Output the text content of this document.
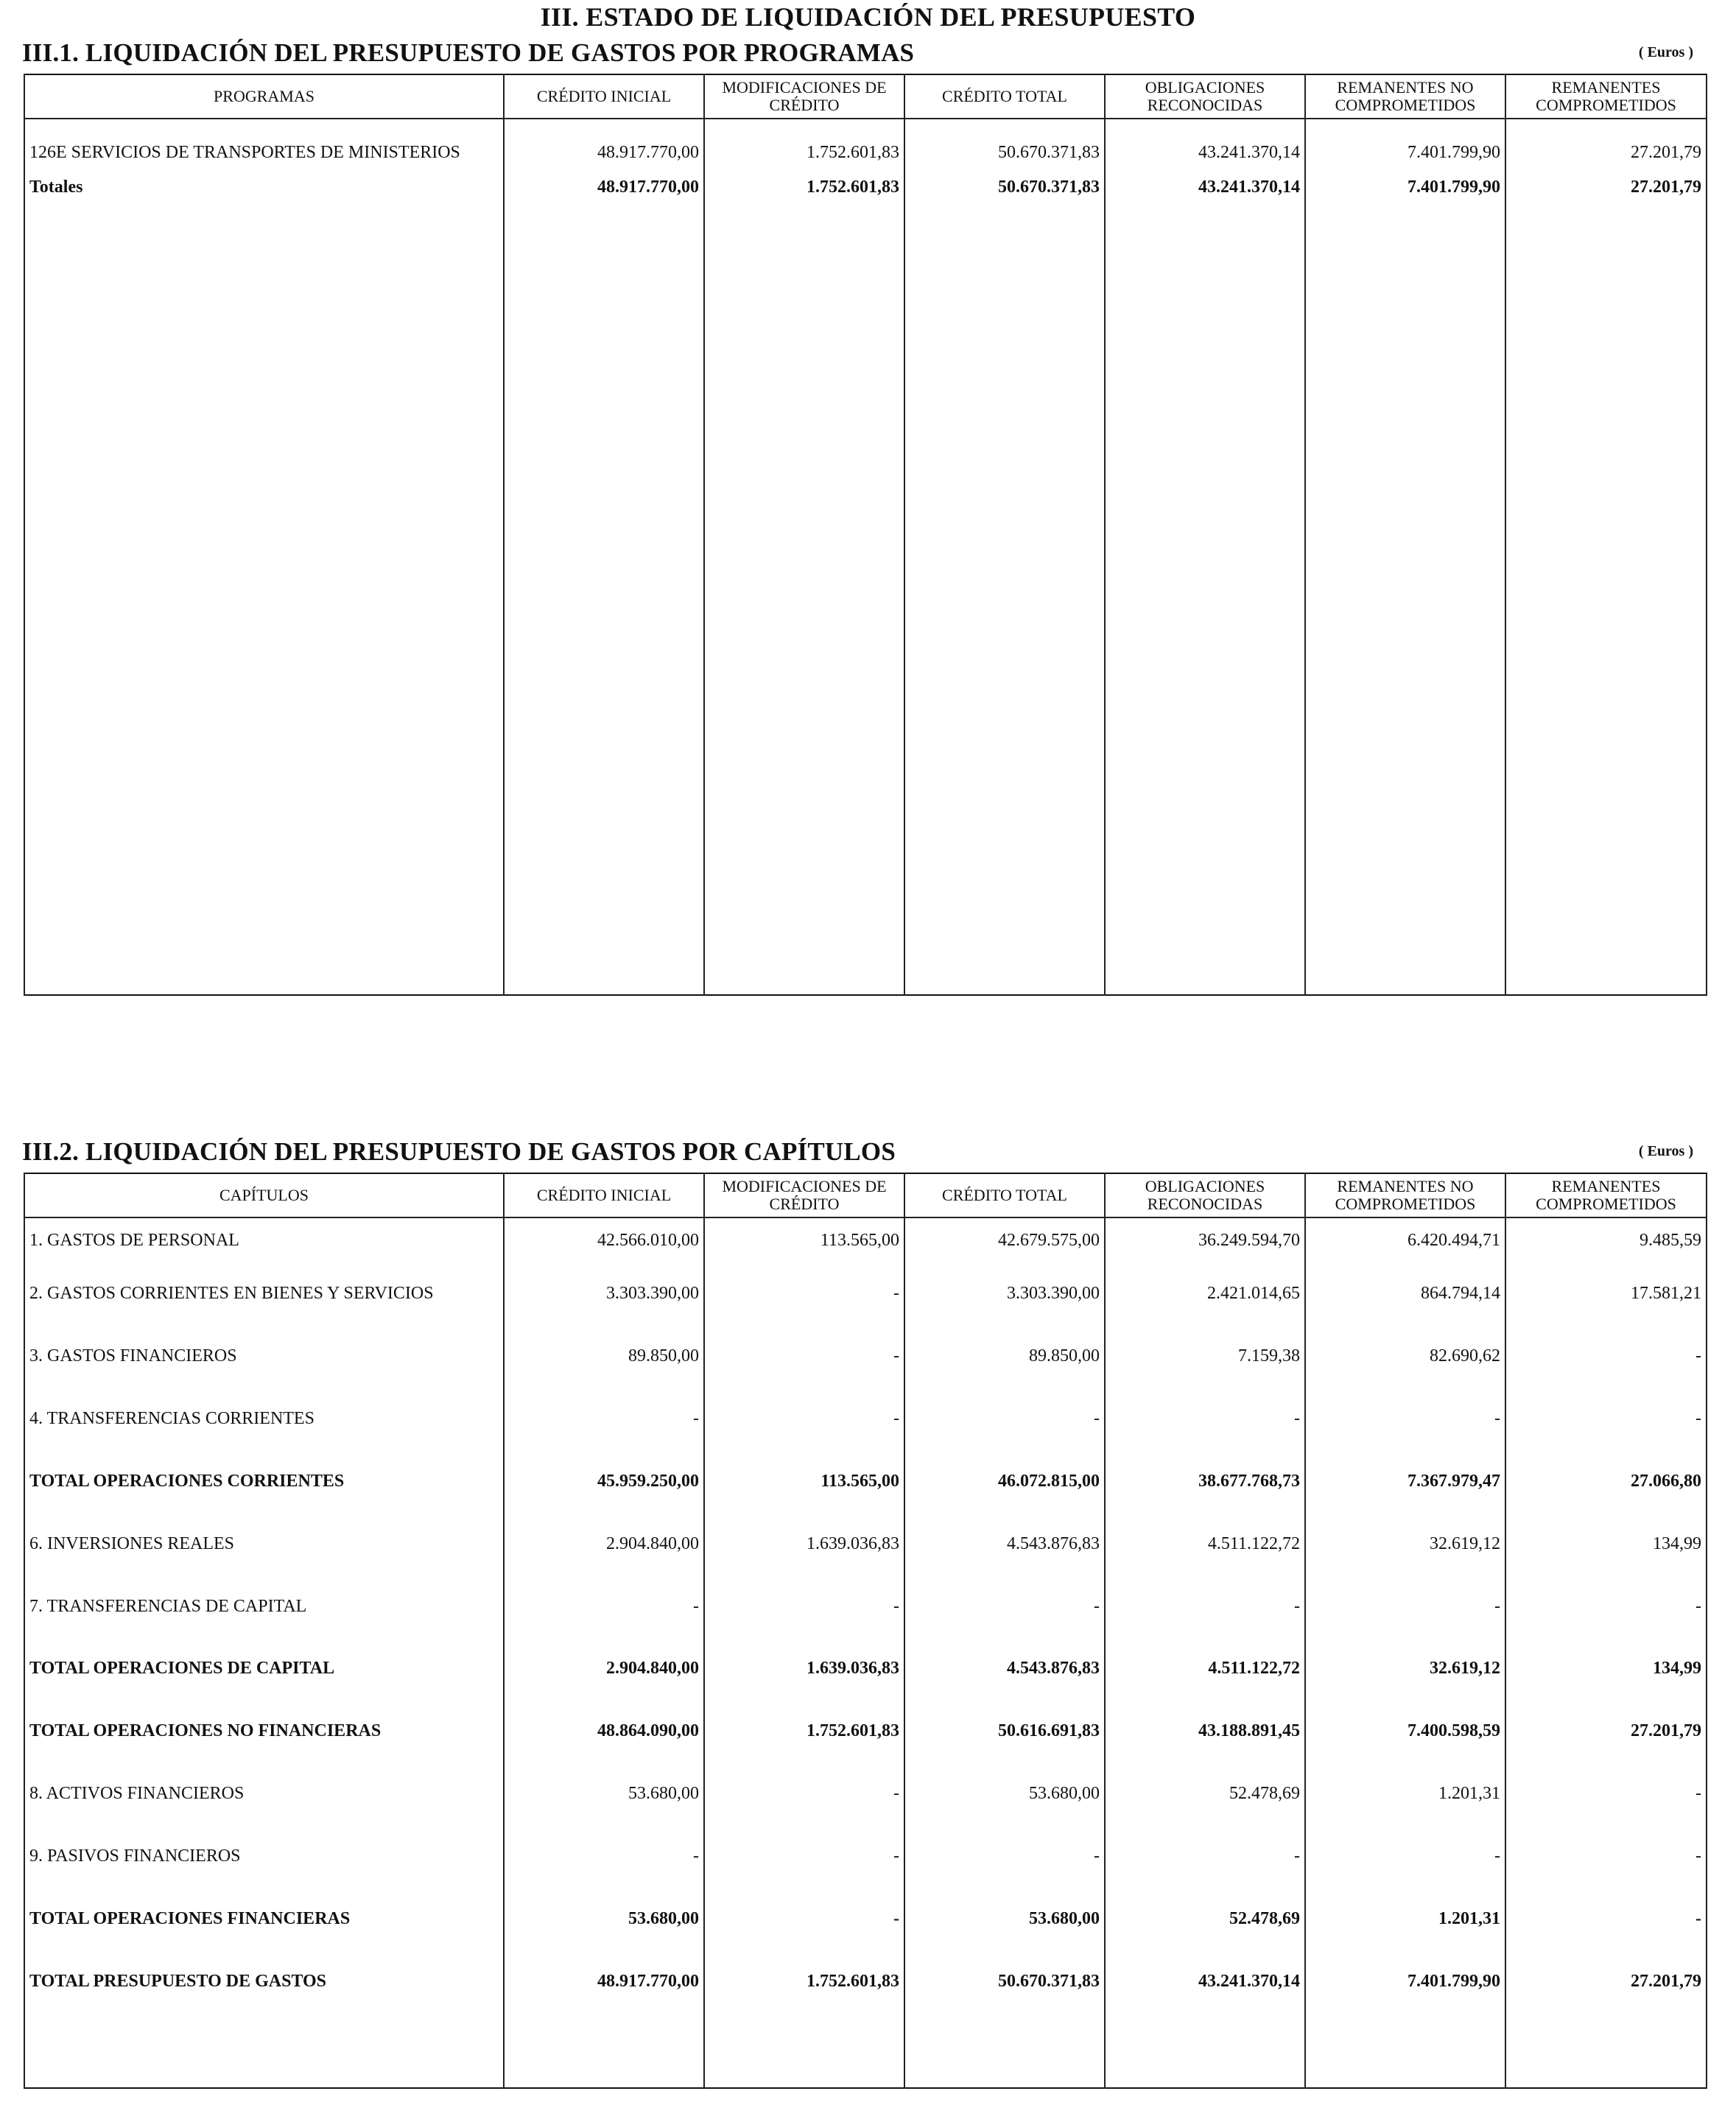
III. ESTADO DE LIQUIDACIÓN DEL PRESUPUESTO
III.1. LIQUIDACIÓN DEL PRESUPUESTO DE GASTOS POR PROGRAMAS	( Euros )
PROGRAMAS	CRÉDITO INICIAL	MODIFICACIONES DE CRÉDITO	CRÉDITO TOTAL	OBLIGACIONES RECONOCIDAS	REMANENTES NO COMPROMETIDOS	REMANENTES COMPROMETIDOS
126E SERVICIOS DE TRANSPORTES DE MINISTERIOS	48.917.770,00	1.752.601,83	50.670.371,83	43.241.370,14	7.401.799,90	27.201,79
Totales	48.917.770,00	1.752.601,83	50.670.371,83	43.241.370,14	7.401.799,90	27.201,79

III.2. LIQUIDACIÓN DEL PRESUPUESTO DE GASTOS POR CAPÍTULOS	( Euros )
CAPÍTULOS	CRÉDITO INICIAL	MODIFICACIONES DE CRÉDITO	CRÉDITO TOTAL	OBLIGACIONES RECONOCIDAS	REMANENTES NO COMPROMETIDOS	REMANENTES COMPROMETIDOS
1. GASTOS DE PERSONAL	42.566.010,00	113.565,00	42.679.575,00	36.249.594,70	6.420.494,71	9.485,59
2. GASTOS CORRIENTES EN BIENES Y SERVICIOS	3.303.390,00	-	3.303.390,00	2.421.014,65	864.794,14	17.581,21
3. GASTOS FINANCIEROS	89.850,00	-	89.850,00	7.159,38	82.690,62	-
4. TRANSFERENCIAS CORRIENTES	-	-	-	-	-	-
TOTAL OPERACIONES CORRIENTES	45.959.250,00	113.565,00	46.072.815,00	38.677.768,73	7.367.979,47	27.066,80
6. INVERSIONES REALES	2.904.840,00	1.639.036,83	4.543.876,83	4.511.122,72	32.619,12	134,99
7. TRANSFERENCIAS DE CAPITAL	-	-	-	-	-	-
TOTAL OPERACIONES DE CAPITAL	2.904.840,00	1.639.036,83	4.543.876,83	4.511.122,72	32.619,12	134,99
TOTAL OPERACIONES NO FINANCIERAS	48.864.090,00	1.752.601,83	50.616.691,83	43.188.891,45	7.400.598,59	27.201,79
8. ACTIVOS FINANCIEROS	53.680,00	-	53.680,00	52.478,69	1.201,31	-
9. PASIVOS FINANCIEROS	-	-	-	-	-	-
TOTAL OPERACIONES FINANCIERAS	53.680,00	-	53.680,00	52.478,69	1.201,31	-
TOTAL PRESUPUESTO DE GASTOS	48.917.770,00	1.752.601,83	50.670.371,83	43.241.370,14	7.401.799,90	27.201,79
